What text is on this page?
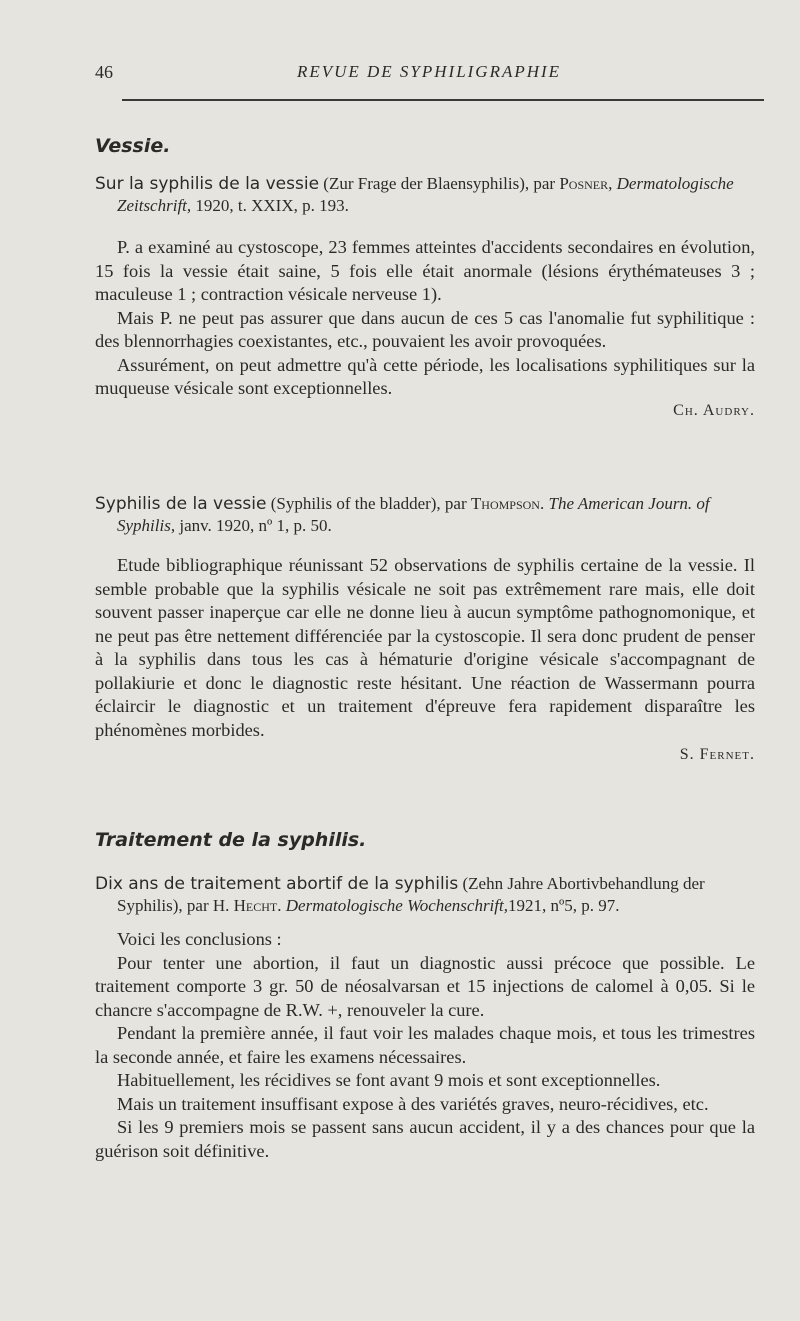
46	REVUE DE SYPHILIGRAPHIE
Vessie.

Sur la syphilis de la vessie (Zur Frage der Blaensyphilis), par Posner, Dermatologische Zeitschrift, 1920, t. XXIX, p. 193.

P. a examiné au cystoscope, 23 femmes atteintes d'accidents secondaires en évolution, 15 fois la vessie était saine, 5 fois elle était anormale (lésions érythémateuses 3 ; maculeuse 1 ; contraction vésicale nerveuse 1).

Mais P. ne peut pas assurer que dans aucun de ces 5 cas l'anomalie fut syphilitique : des blennorrhagies coexistantes, etc., pouvaient les avoir provoquées.

Assurément, on peut admettre qu'à cette période, les localisations syphilitiques sur la muqueuse vésicale sont exceptionnelles.

Ch. Audry.

Syphilis de la vessie (Syphilis of the bladder), par Thompson. The American Journ. of Syphilis, janv. 1920, nº 1, p. 50.

Etude bibliographique réunissant 52 observations de syphilis certaine de la vessie. Il semble probable que la syphilis vésicale ne soit pas extrêmement rare mais, elle doit souvent passer inaperçue car elle ne donne lieu à aucun symptôme pathognomonique, et ne peut pas être nettement différenciée par la cystoscopie. Il sera donc prudent de penser à la syphilis dans tous les cas à hématurie d'origine vésicale s'accompagnant de pollakiurie et donc le diagnostic reste hésitant. Une réaction de Wassermann pourra éclaircir le diagnostic et un traitement d'épreuve fera rapidement disparaître les phénomènes morbides.

S. Fernet.

Traitement de la syphilis.

Dix ans de traitement abortif de la syphilis (Zehn Jahre Abortivbehandlung der Syphilis), par H. Hecht. Dermatologische Wochenschrift,1921, nº5, p. 97.

Voici les conclusions :

Pour tenter une abortion, il faut un diagnostic aussi précoce que possible. Le traitement comporte 3 gr. 50 de néosalvarsan et 15 injections de calomel à 0,05. Si le chancre s'accompagne de R.W. +, renouveler la cure.

Pendant la première année, il faut voir les malades chaque mois, et tous les trimestres la seconde année, et faire les examens nécessaires.

Habituellement, les récidives se font avant 9 mois et sont exceptionnelles.

Mais un traitement insuffisant expose à des variétés graves, neuro-récidives, etc.

Si les 9 premiers mois se passent sans aucun accident, il y a des chances pour que la guérison soit définitive.
